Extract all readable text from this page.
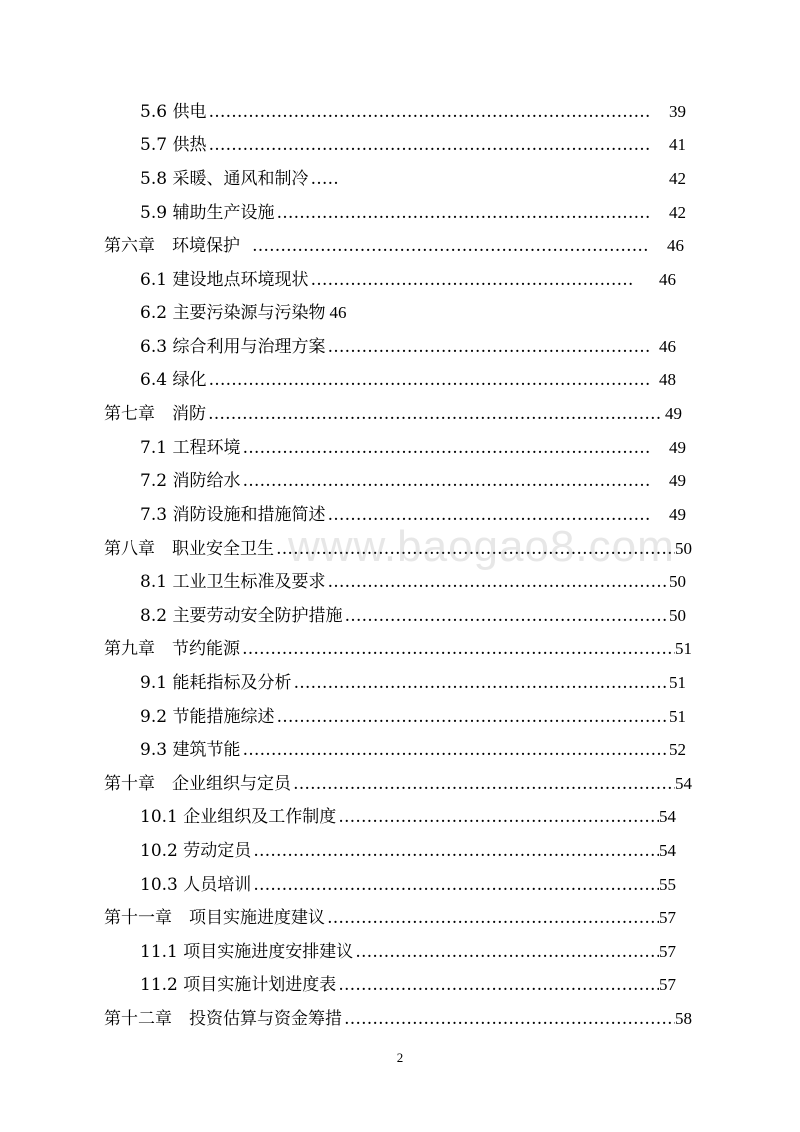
5.6 供电 ………………………………………………………………………………………………………………………………………………………………………………………………………………………	39
5.7 供热 ………………………………………………………………………………………………………………………………………………………………………………………………………………………	41
5.8 采暖、通风和制冷 ………………………………………………………………………………………………………………………………………………………………………………………………………………………	42
5.9 辅助生产设施 ………………………………………………………………………………………………………………………………………………………………………………………………………………………	42
第六章　环境保护 ………………………………………………………………………………………………………………………………………………………………………………………………………………………	46
6.1 建设地点环境现状 ………………………………………………………………………………………………………………………………………………………………………………………………………………………	46
6.2 主要污染源与污染物 46
6.3 综合利用与治理方案 ………………………………………………………………………………………………………………………………………………………………………………………………………………………	46
6.4 绿化 ………………………………………………………………………………………………………………………………………………………………………………………………………………………	48
第七章　消防 ………………………………………………………………………………………………………………………………………………………………………………………………………………………	49
7.1 工程环境 ………………………………………………………………………………………………………………………………………………………………………………………………………………………	49
7.2 消防给水 ………………………………………………………………………………………………………………………………………………………………………………………………………………………	49
7.3 消防设施和措施简述 ………………………………………………………………………………………………………………………………………………………………………………………………………………………	49
第八章　职业安全卫生 ………………………………………………………………………………………………………………………………………………………………………………………………………………………	50
8.1 工业卫生标准及要求 ………………………………………………………………………………………………………………………………………………………………………………………………………………………	50
8.2 主要劳动安全防护措施 ………………………………………………………………………………………………………………………………………………………………………………………………………………………	50
第九章　节约能源 ………………………………………………………………………………………………………………………………………………………………………………………………………………………	51
9.1 能耗指标及分析 ………………………………………………………………………………………………………………………………………………………………………………………………………………………	51
9.2 节能措施综述 ………………………………………………………………………………………………………………………………………………………………………………………………………………………	51
9.3 建筑节能 ………………………………………………………………………………………………………………………………………………………………………………………………………………………	52
第十章　企业组织与定员 ………………………………………………………………………………………………………………………………………………………………………………………………………………………	54
10.1 企业组织及工作制度 ………………………………………………………………………………………………………………………………………………………………………………………………………………………	54
10.2 劳动定员 ………………………………………………………………………………………………………………………………………………………………………………………………………………………	54
10.3 人员培训 ………………………………………………………………………………………………………………………………………………………………………………………………………………………	55
第十一章　项目实施进度建议 ………………………………………………………………………………………………………………………………………………………………………………………………………………………	57
11.1 项目实施进度安排建议 ………………………………………………………………………………………………………………………………………………………………………………………………………………………	57
11.2 项目实施计划进度表 ………………………………………………………………………………………………………………………………………………………………………………………………………………………	57
第十二章　投资估算与资金筹措 ………………………………………………………………………………………………………………………………………………………………………………………………………………………	58
www.baogao8.com
2
